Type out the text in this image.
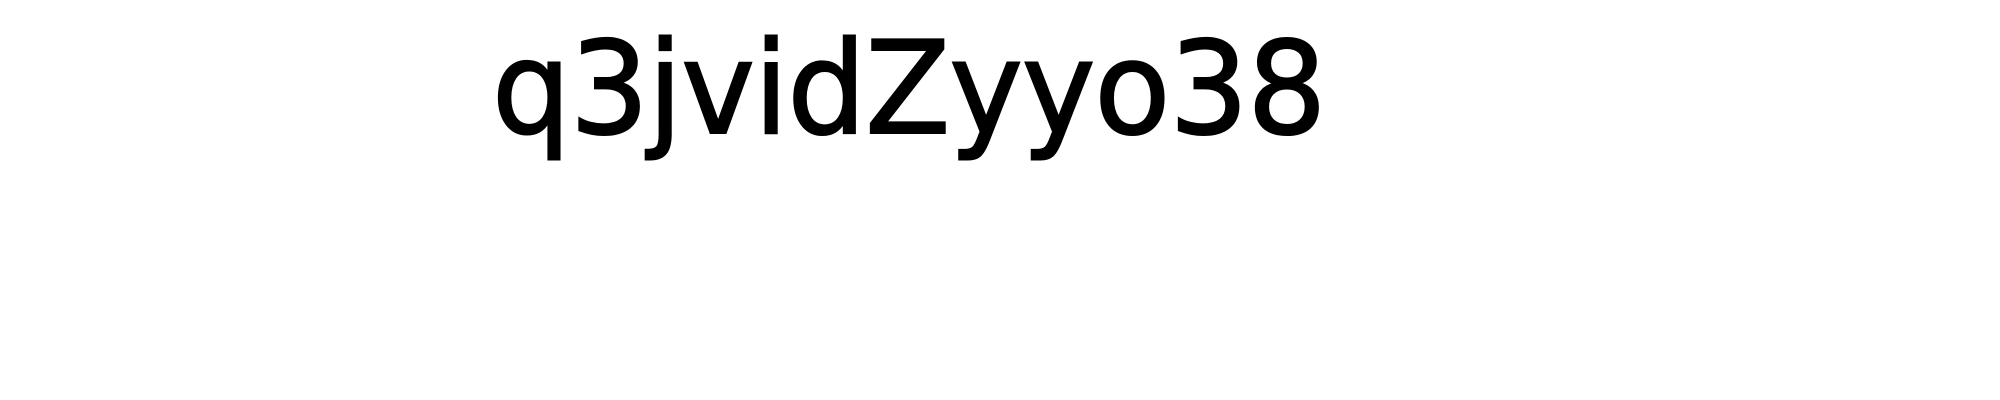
q3jvidZyyo38
